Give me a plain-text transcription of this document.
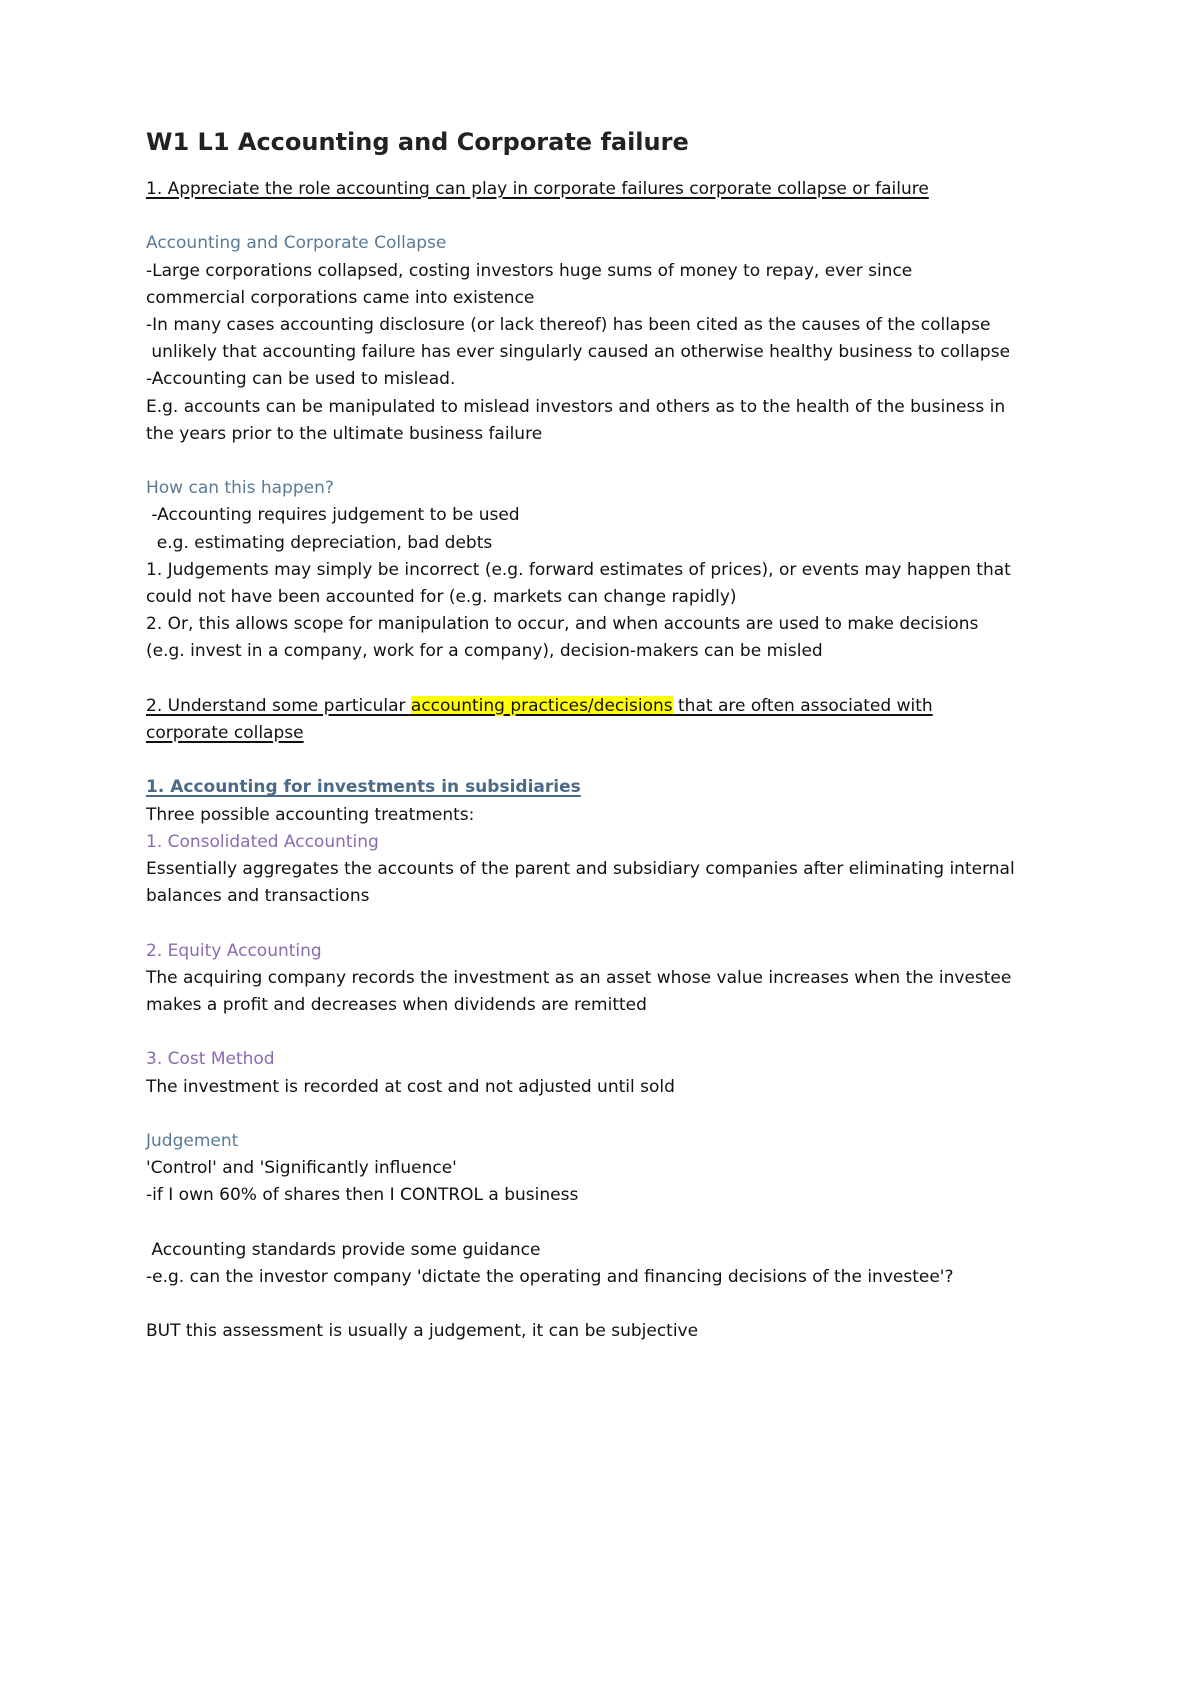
W1 L1 Accounting and Corporate failure

1. Appreciate the role accounting can play in corporate failures corporate collapse or failure

Accounting and Corporate Collapse

-Large corporations collapsed, costing investors huge sums of money to repay, ever since

commercial corporations came into existence

-In many cases accounting disclosure (or lack thereof) has been cited as the causes of the collapse

unlikely that accounting failure has ever singularly caused an otherwise healthy business to collapse

-Accounting can be used to mislead.

E.g. accounts can be manipulated to mislead investors and others as to the health of the business in

the years prior to the ultimate business failure

How can this happen?

-Accounting requires judgement to be used

e.g. estimating depreciation, bad debts

1. Judgements may simply be incorrect (e.g. forward estimates of prices), or events may happen that

could not have been accounted for (e.g. markets can change rapidly)

2. Or, this allows scope for manipulation to occur, and when accounts are used to make decisions

(e.g. invest in a company, work for a company), decision-makers can be misled

2. Understand some particular accounting practices/decisions that are often associated with

corporate collapse

1. Accounting for investments in subsidiaries

Three possible accounting treatments:

1. Consolidated Accounting

Essentially aggregates the accounts of the parent and subsidiary companies after eliminating internal

balances and transactions

2. Equity Accounting

The acquiring company records the investment as an asset whose value increases when the investee

makes a profit and decreases when dividends are remitted

3. Cost Method

The investment is recorded at cost and not adjusted until sold

Judgement

'Control' and 'Significantly influence'

-if I own 60% of shares then I CONTROL a business

Accounting standards provide some guidance

-e.g. can the investor company 'dictate the operating and financing decisions of the investee'?

BUT this assessment is usually a judgement, it can be subjective
